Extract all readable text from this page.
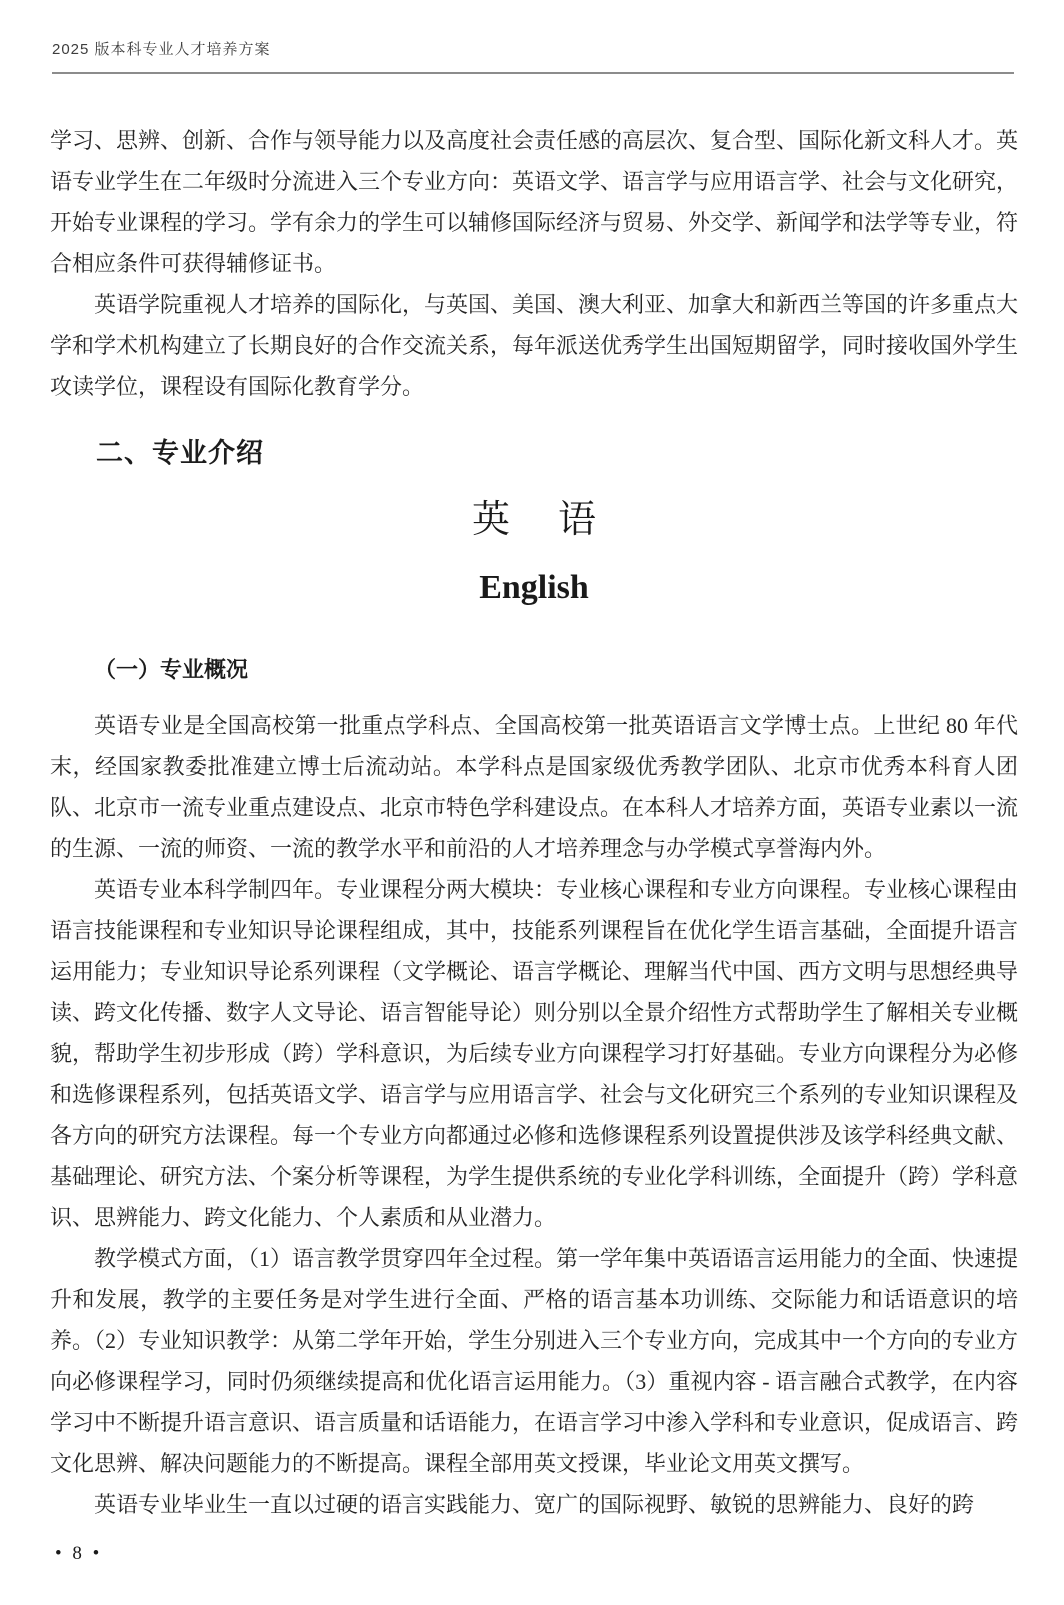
2025 版本科专业人才培养方案

学习、思辨、创新、合作与领导能力以及高度社会责任感的高层次、复合型、国际化新文科人才。英语专业学生在二年级时分流进入三个专业方向：英语文学、语言学与应用语言学、社会与文化研究，开始专业课程的学习。学有余力的学生可以辅修国际经济与贸易、外交学、新闻学和法学等专业，符合相应条件可获得辅修证书。

英语学院重视人才培养的国际化，与英国、美国、澳大利亚、加拿大和新西兰等国的许多重点大学和学术机构建立了长期良好的合作交流关系，每年派送优秀学生出国短期留学，同时接收国外学生攻读学位，课程设有国际化教育学分。

二、专业介绍
英 语
English
（一）专业概况

英语专业是全国高校第一批重点学科点、全国高校第一批英语语言文学博士点。上世纪 80 年代末，经国家教委批准建立博士后流动站。本学科点是国家级优秀教学团队、北京市优秀本科育人团队、北京市一流专业重点建设点、北京市特色学科建设点。在本科人才培养方面，英语专业素以一流的生源、一流的师资、一流的教学水平和前沿的人才培养理念与办学模式享誉海内外。

英语专业本科学制四年。专业课程分两大模块：专业核心课程和专业方向课程。专业核心课程由语言技能课程和专业知识导论课程组成，其中，技能系列课程旨在优化学生语言基础，全面提升语言运用能力；专业知识导论系列课程（文学概论、语言学概论、理解当代中国、西方文明与思想经典导读、跨文化传播、数字人文导论、语言智能导论）则分别以全景介绍性方式帮助学生了解相关专业概貌，帮助学生初步形成（跨）学科意识，为后续专业方向课程学习打好基础。专业方向课程分为必修和选修课程系列，包括英语文学、语言学与应用语言学、社会与文化研究三个系列的专业知识课程及各方向的研究方法课程。每一个专业方向都通过必修和选修课程系列设置提供涉及该学科经典文献、基础理论、研究方法、个案分析等课程，为学生提供系统的专业化学科训练，全面提升（跨）学科意识、思辨能力、跨文化能力、个人素质和从业潜力。

教学模式方面，（1）语言教学贯穿四年全过程。第一学年集中英语语言运用能力的全面、快速提升和发展，教学的主要任务是对学生进行全面、严格的语言基本功训练、交际能力和话语意识的培养。（2）专业知识教学：从第二学年开始，学生分别进入三个专业方向，完成其中一个方向的专业方向必修课程学习，同时仍须继续提高和优化语言运用能力。（3）重视内容 - 语言融合式教学，在内容学习中不断提升语言意识、语言质量和话语能力，在语言学习中渗入学科和专业意识，促成语言、跨文化思辨、解决问题能力的不断提高。课程全部用英文授课，毕业论文用英文撰写。

英语专业毕业生一直以过硬的语言实践能力、宽广的国际视野、敏锐的思辨能力、良好的跨

• 8 •
